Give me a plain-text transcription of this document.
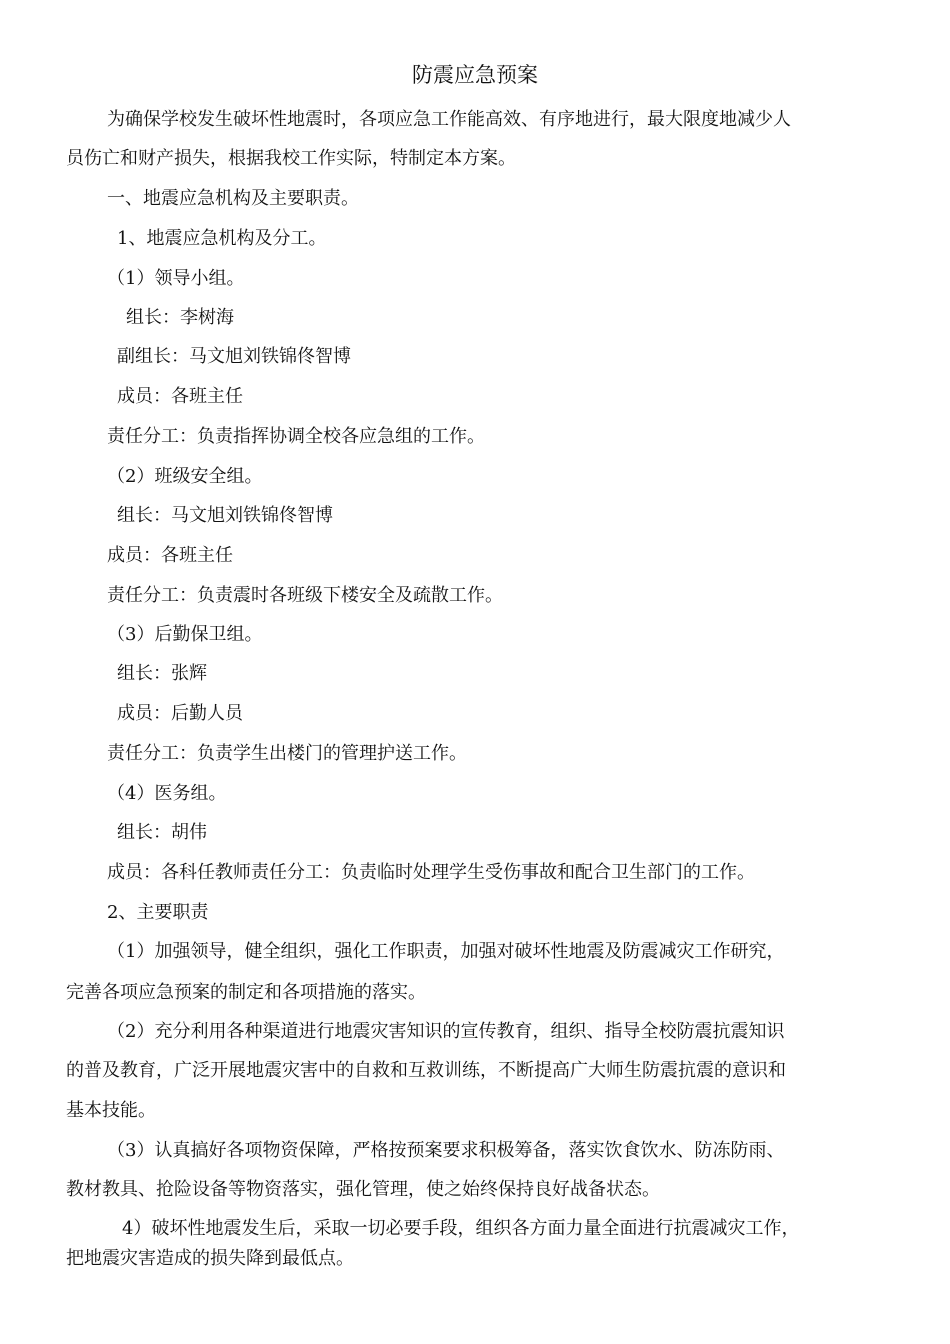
防震应急预案
为确保学校发生破坏性地震时，各项应急工作能高效、有序地进行，最大限度地减少人
员伤亡和财产损失，根据我校工作实际，特制定本方案。
一、地震应急机构及主要职责。
1、地震应急机构及分工。
（1）领导小组。
组长：李树海
副组长：马文旭刘铁锦佟智博
成员：各班主任
责任分工：负责指挥协调全校各应急组的工作。
（2）班级安全组。
组长：马文旭刘铁锦佟智博
成员：各班主任
责任分工：负责震时各班级下楼安全及疏散工作。
（3）后勤保卫组。
组长：张辉
成员：后勤人员
责任分工：负责学生出楼门的管理护送工作。
（4）医务组。
组长：胡伟
成员：各科任教师责任分工：负责临时处理学生受伤事故和配合卫生部门的工作。
2、主要职责
（1）加强领导，健全组织，强化工作职责，加强对破坏性地震及防震减灾工作研究，
完善各项应急预案的制定和各项措施的落实。
（2）充分利用各种渠道进行地震灾害知识的宣传教育，组织、指导全校防震抗震知识
的普及教育，广泛开展地震灾害中的自救和互救训练，不断提高广大师生防震抗震的意识和
基本技能。
（3）认真搞好各项物资保障，严格按预案要求积极筹备，落实饮食饮水、防冻防雨、
教材教具、抢险设备等物资落实，强化管理，使之始终保持良好战备状态。
4）破坏性地震发生后，采取一切必要手段，组织各方面力量全面进行抗震减灾工作，
把地震灾害造成的损失降到最低点。
